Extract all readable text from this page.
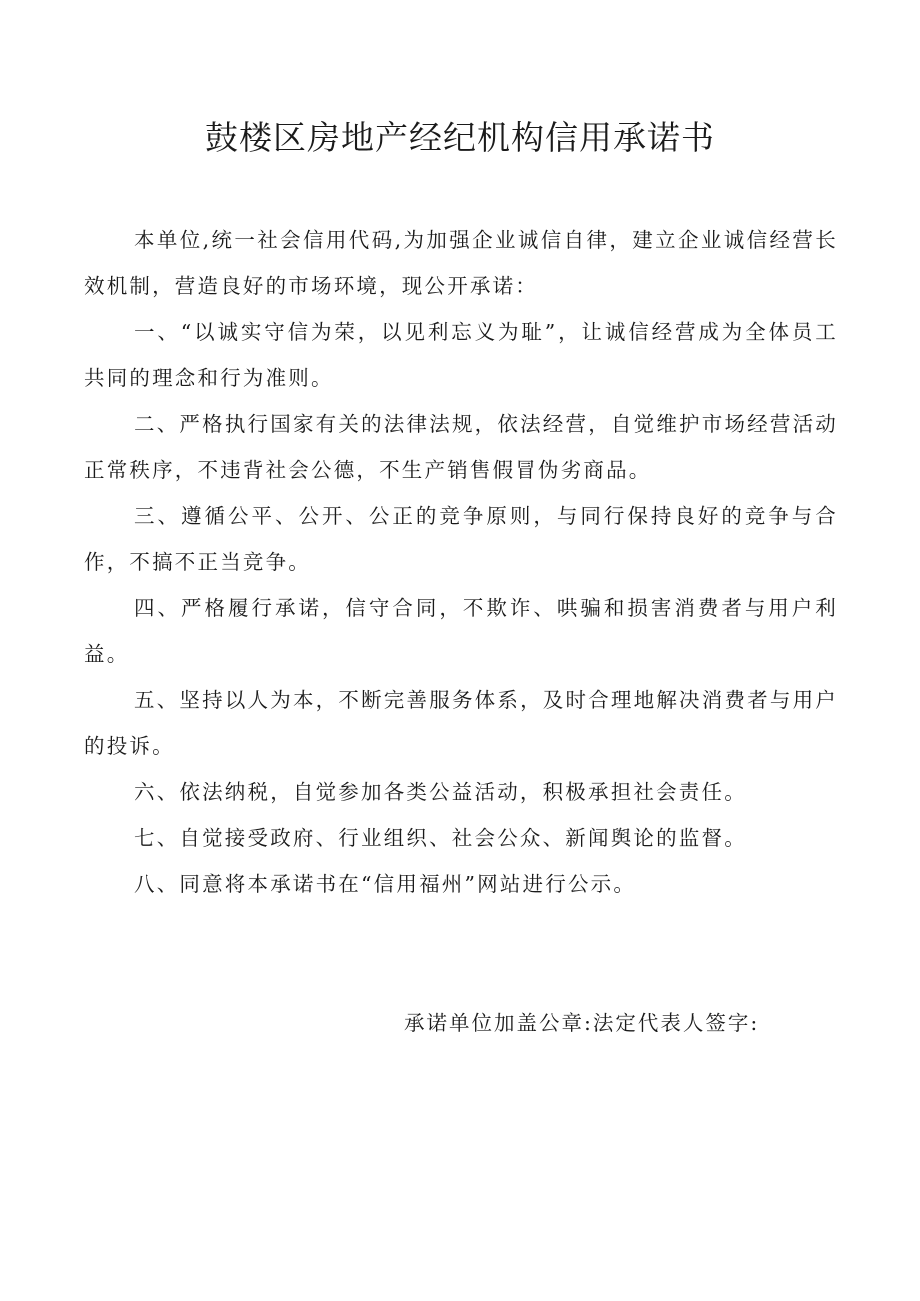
鼓楼区房地产经纪机构信用承诺书

本单位,统一社会信用代码,为加强企业诚信自律，建立企业诚信经营长效机制，营造良好的市场环境，现公开承诺：

一、“以诚实守信为荣，以见利忘义为耻”，让诚信经营成为全体员工共同的理念和行为准则。

二、严格执行国家有关的法律法规，依法经营，自觉维护市场经营活动正常秩序，不违背社会公德，不生产销售假冒伪劣商品。

三、遵循公平、公开、公正的竞争原则，与同行保持良好的竞争与合作，不搞不正当竞争。

四、严格履行承诺，信守合同，不欺诈、哄骗和损害消费者与用户利益。

五、坚持以人为本，不断完善服务体系，及时合理地解决消费者与用户的投诉。

六、依法纳税，自觉参加各类公益活动，积极承担社会责任。

七、自觉接受政府、行业组织、社会公众、新闻舆论的监督。

八、同意将本承诺书在“信用福州”网站进行公示。

承诺单位加盖公章:法定代表人签字:
